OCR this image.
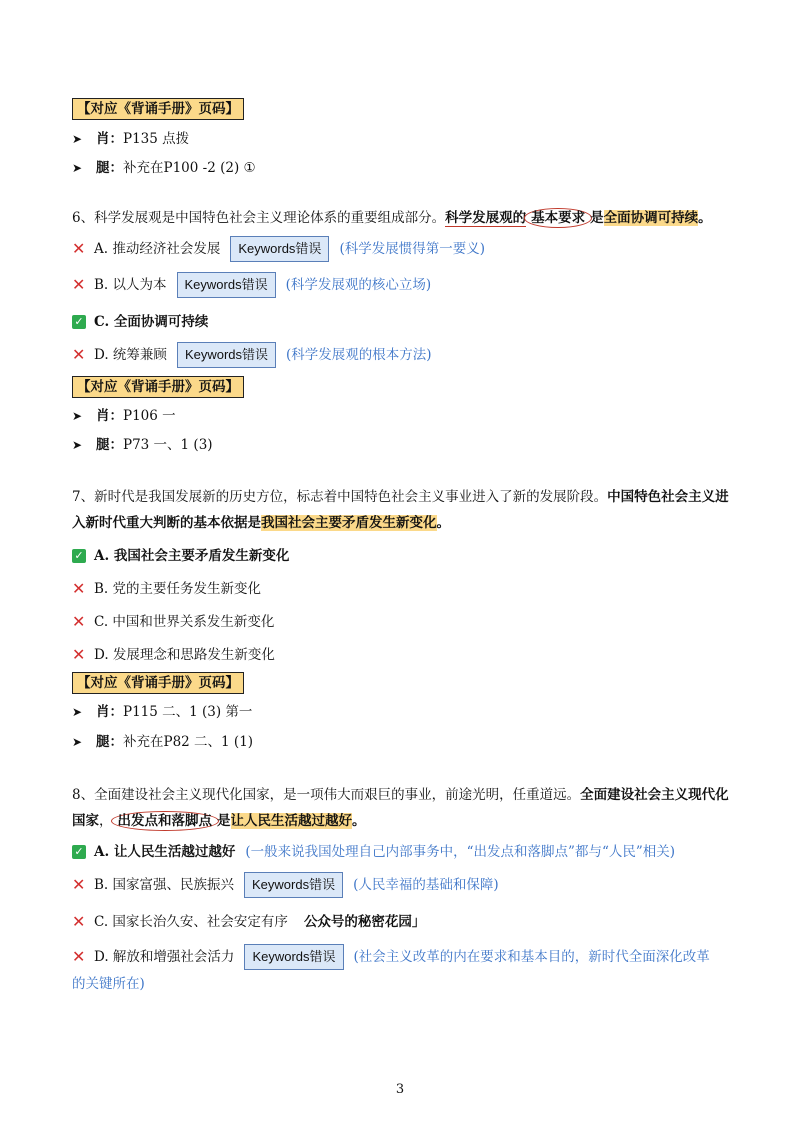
【对应《背诵手册》页码】
➤ 肖：P135 点拨
➤ 腿：补充在P100 -2 (2) ①
6、科学发展观是中国特色社会主义理论体系的重要组成部分。科学发展观的 基本要求 是全面协调可持续。
✕ A. 推动经济社会发展	Keywords错误	(科学发展惯得第一要义)
✕ B. 以人为本	Keywords错误	(科学发展观的核心立场)
✓ C. 全面协调可持续
✕ D. 统筹兼顾	Keywords错误	(科学发展观的根本方法)
【对应《背诵手册》页码】
➤ 肖：P106 一
➤ 腿：P73 一、1 (3)
7、新时代是我国发展新的历史方位，标志着中国特色社会主义事业进入了新的发展阶段。中国特色社会主义进入新时代重大判断的基本依据是我国社会主要矛盾发生新变化。
✓ A. 我国社会主要矛盾发生新变化
✕ B. 党的主要任务发生新变化
✕ C. 中国和世界关系发生新变化
✕ D. 发展理念和思路发生新变化
【对应《背诵手册》页码】
➤ 肖：P115 二、1 (3) 第一
➤ 腿：补充在P82 二、1 (1)
8、全面建设社会主义现代化国家，是一项伟大而艰巨的事业，前途光明，任重道远。全面建设社会主义现代化国家， 出发点和落脚点 是让人民生活越过越好。
✓ A. 让人民生活越过越好 (一般来说我国处理自己内部事务中，“出发点和落脚点”都与“人民”相关)
✕ B. 国家富强、民族振兴	Keywords错误	(人民幸福的基础和保障)
✕ C. 国家长治久安、社会安定有序 公众号的秘密花园」
✕ D. 解放和增强社会活力	Keywords错误	(社会主义改革的内在要求和基本目的，新时代全面深化改革
的关键所在)
3
